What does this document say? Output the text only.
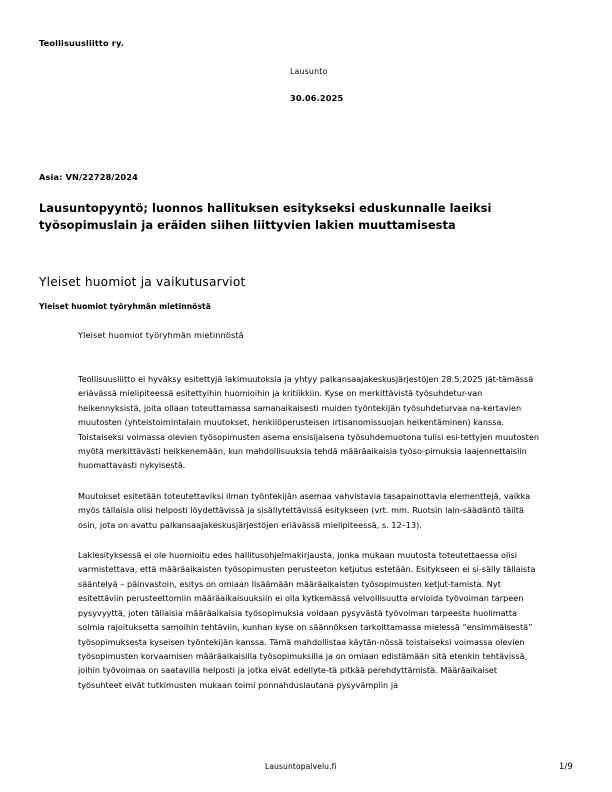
Teollisuusliitto ry.
Lausunto
30.06.2025
Asia: VN/22728/2024
Lausuntopyyntö; luonnos hallituksen esitykseksi eduskunnalle laeiksi työsopimuslain ja eräiden siihen liittyvien lakien muuttamisesta
Yleiset huomiot ja vaikutusarviot
Yleiset huomiot työryhmän mietinnöstä
Yleiset huomiot työryhmän mietinnöstä

Teollisuusliitto ei hyväksy esitettyjä lakimuutoksia ja yhtyy palkansaajakeskusjärjestöjen 28.5.2025 jät-tämässä eriävässä mielipiteessä esitettyihin huomioihin ja kritiikkiin. Kyse on merkittävistä työsuhdetur-van heikennyksistä, joita ollaan toteuttamassa samanaikaisesti muiden työntekijän työsuhdeturvaa na-kertavien muutosten (yhteistoimintalain muutokset, henkilöperusteisen irtisanomissuojan heikentäminen) kanssa. Toistaiseksi voimassa olevien työsopimusten asema ensisijaisena työsuhdemuotona tulisi esi-tettyjen muutosten myötä merkittävästi heikkenemään, kun mahdollisuuksia tehdä määräaikaisia työso-pimuksia laajennettaisiin huomattavasti nykyisestä.

Muutokset esitetään toteutettaviksi ilman työntekijän asemaa vahvistavia tasapainottavia elementtejä, vaikka myös tällaisia olisi helposti löydettävissä ja sisällytettävissä esitykseen (vrt. mm. Ruotsin lain-säädäntö täiltä osin, jota on avattu palkansaajakeskusjärjestöjen eriävässä mielipiteessä, s. 12–13).

Lakiesityksessä ei ole huomioitu edes hallitusohjelmakirjausta, jonka mukaan muutosta toteutettaessa olisi varmistettava, että määräaikaisten työsopimusten perusteeton ketjutus estetään. Esitykseen ei si-sälly tällaista sääntelyä – päinvastoin, esitys on omiaan lisäämään määräaikaisten työsopimusten ketjut-tamista. Nyt esitettäviin perusteettomiin määräaikaisuuksiin ei olla kytkemässä velvollisuutta arvioida työvoiman tarpeen pysyvyyttä, joten tällaisia määräaikaisia työsopimuksia voidaan pysyvästä työvoiman tarpeesta huolimatta solmia rajoituksetta samoihin tehtäviin, kunhan kyse on säännöksen tarkoittamassa mielessä “ensimmäisestä” työsopimuksesta kyseisen työntekijän kanssa. Tämä mahdollistaa käytän-nössä toistaiseksi voimassa olevien työsopimusten korvaamisen määräaikaisilla työsopimuksilla ja on omiaan edistämään sitä etenkin tehtävissä, joihin työvoimaa on saatavilla helposti ja jotka eivät edellyte-tä pitkää perehdyttämistä. Määräaikaiset työsuhteet eivät tutkimusten mukaan toimi ponnahduslautana pysyvämpiin ja

Lausuntopalvelu.fi	1/9
